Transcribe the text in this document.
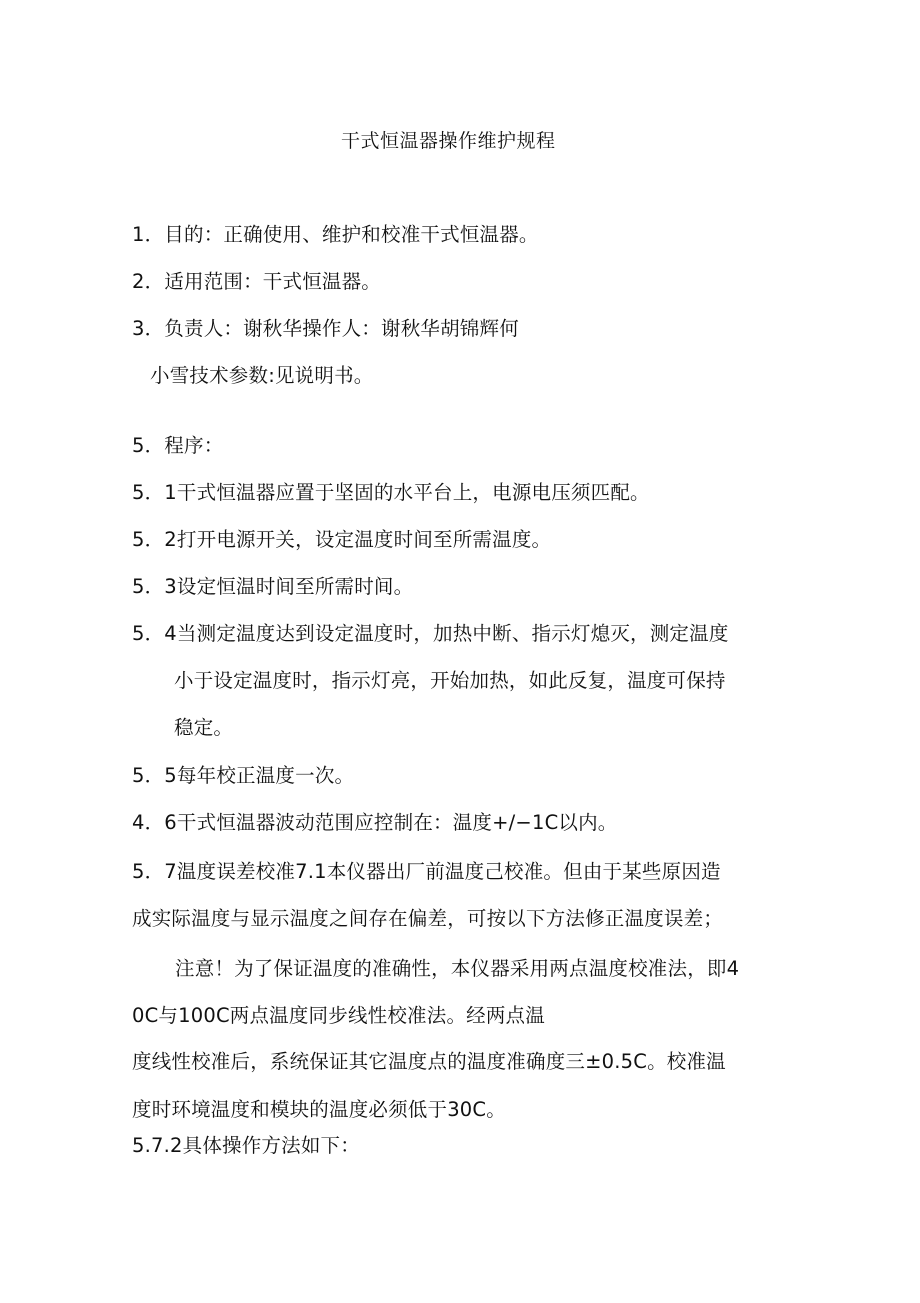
干式恒温器操作维护规程
1．目的：正确使用、维护和校准干式恒温器。
2．适用范围：干式恒温器。
3．负责人：谢秋华操作人：谢秋华胡锦辉何
小雪技术参数:见说明书。
5．程序：
5．1干式恒温器应置于坚固的水平台上，电源电压须匹配。
5．2打开电源开关，设定温度时间至所需温度。
5．3设定恒温时间至所需时间。
5．4当测定温度达到设定温度时，加热中断、指示灯熄灭，测定温度
小于设定温度时，指示灯亮，开始加热，如此反复，温度可保持
稳定。
5．5每年校正温度一次。
4．6干式恒温器波动范围应控制在：温度+/−1C以内。
5．7温度误差校准7.1本仪器出厂前温度己校准。但由于某些原因造
成实际温度与显示温度之间存在偏差，可按以下方法修正温度误差；
注意！为了保证温度的准确性，本仪器采用两点温度校准法，即4
0C与100C两点温度同步线性校准法。经两点温
度线性校准后，系统保证其它温度点的温度准确度三±0.5C。校准温
度时环境温度和模块的温度必须低于30C。
5.7.2具体操作方法如下：
